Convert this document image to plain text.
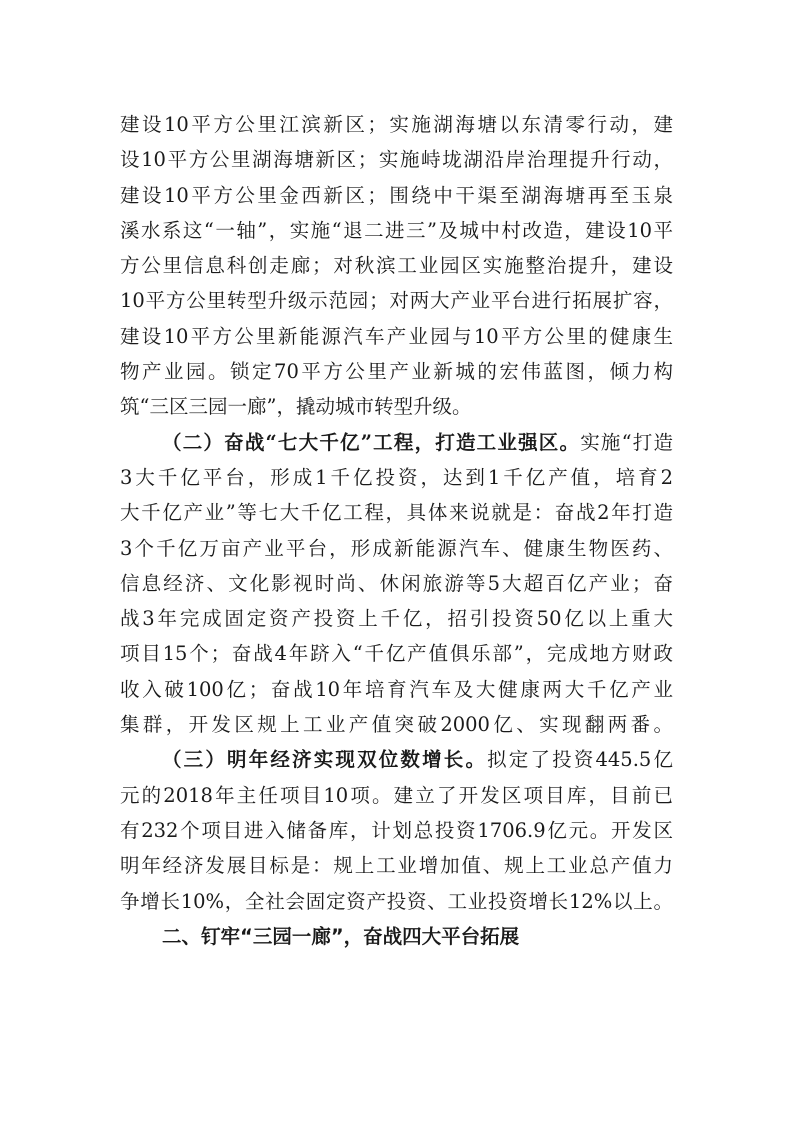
建设10平方公里江滨新区；实施湖海塘以东清零行动，建
设10平方公里湖海塘新区；实施峙垅湖沿岸治理提升行动，
建设10平方公里金西新区；围绕中干渠至湖海塘再至玉泉
溪水系这“一轴”，实施“退二进三”及城中村改造，建设10平
方公里信息科创走廊；对秋滨工业园区实施整治提升，建设
10平方公里转型升级示范园；对两大产业平台进行拓展扩容，
建设10平方公里新能源汽车产业园与10平方公里的健康生
物产业园。锁定70平方公里产业新城的宏伟蓝图，倾力构
筑“三区三园一廊”，撬动城市转型升级。
（二）奋战“七大千亿”工程，打造工业强区。实施“打造
3大千亿平台，形成1千亿投资，达到1千亿产值，培育2
大千亿产业”等七大千亿工程，具体来说就是：奋战2年打造
3个千亿万亩产业平台，形成新能源汽车、健康生物医药、
信息经济、文化影视时尚、休闲旅游等5大超百亿产业；奋
战3年完成固定资产投资上千亿，招引投资50亿以上重大
项目15个；奋战4年跻入“千亿产值俱乐部”，完成地方财政
收入破100亿；奋战10年培育汽车及大健康两大千亿产业
集群，开发区规上工业产值突破2000亿、实现翻两番。
（三）明年经济实现双位数增长。拟定了投资445.5亿
元的2018年主任项目10项。建立了开发区项目库，目前已
有232个项目进入储备库，计划总投资1706.9亿元。开发区
明年经济发展目标是：规上工业增加值、规上工业总产值力
争增长10%，全社会固定资产投资、工业投资增长12%以上。
二、钉牢“三园一廊”，奋战四大平台拓展
